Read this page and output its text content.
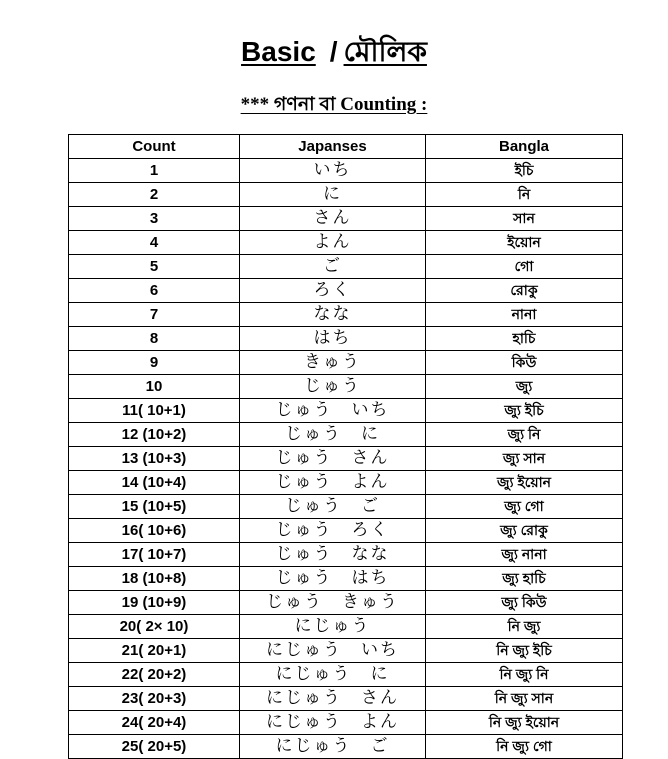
Basic / মৌলিক
*** গণনা বা Counting :
Count	Japanses	Bangla
1	いち	ইচি
2	に	নি
3	さん	সান
4	よん	ইয়োন
5	ご	গো
6	ろく	রোকু
7	なな	নানা
8	はち	হাচি
9	きゅう	কিউ
10	じゅう	জ্যু
11( 10+1)	じゅう　いち	জ্যু ইচি
12 (10+2)	じゅう　に	জ্যু নি
13 (10+3)	じゅう　さん	জ্যু সান
14 (10+4)	じゅう　よん	জ্যু ইয়োন
15 (10+5)	じゅう　ご	জ্যু গো
16( 10+6)	じゅう　ろく	জ্যু রোকু
17( 10+7)	じゅう　なな	জ্যু নানা
18 (10+8)	じゅう　はち	জ্যু হাচি
19 (10+9)	じゅう　きゅう	জ্যু কিউ
20( 2× 10)	にじゅう	নি জ্যু
21( 20+1)	にじゅう　いち	নি জ্যু ইচি
22( 20+2)	にじゅう　に	নি জ্যু নি
23( 20+3)	にじゅう　さん	নি জ্যু সান
24( 20+4)	にじゅう　よん	নি জ্যু ইয়োন
25( 20+5)	にじゅう　ご	নি জ্যু গো
